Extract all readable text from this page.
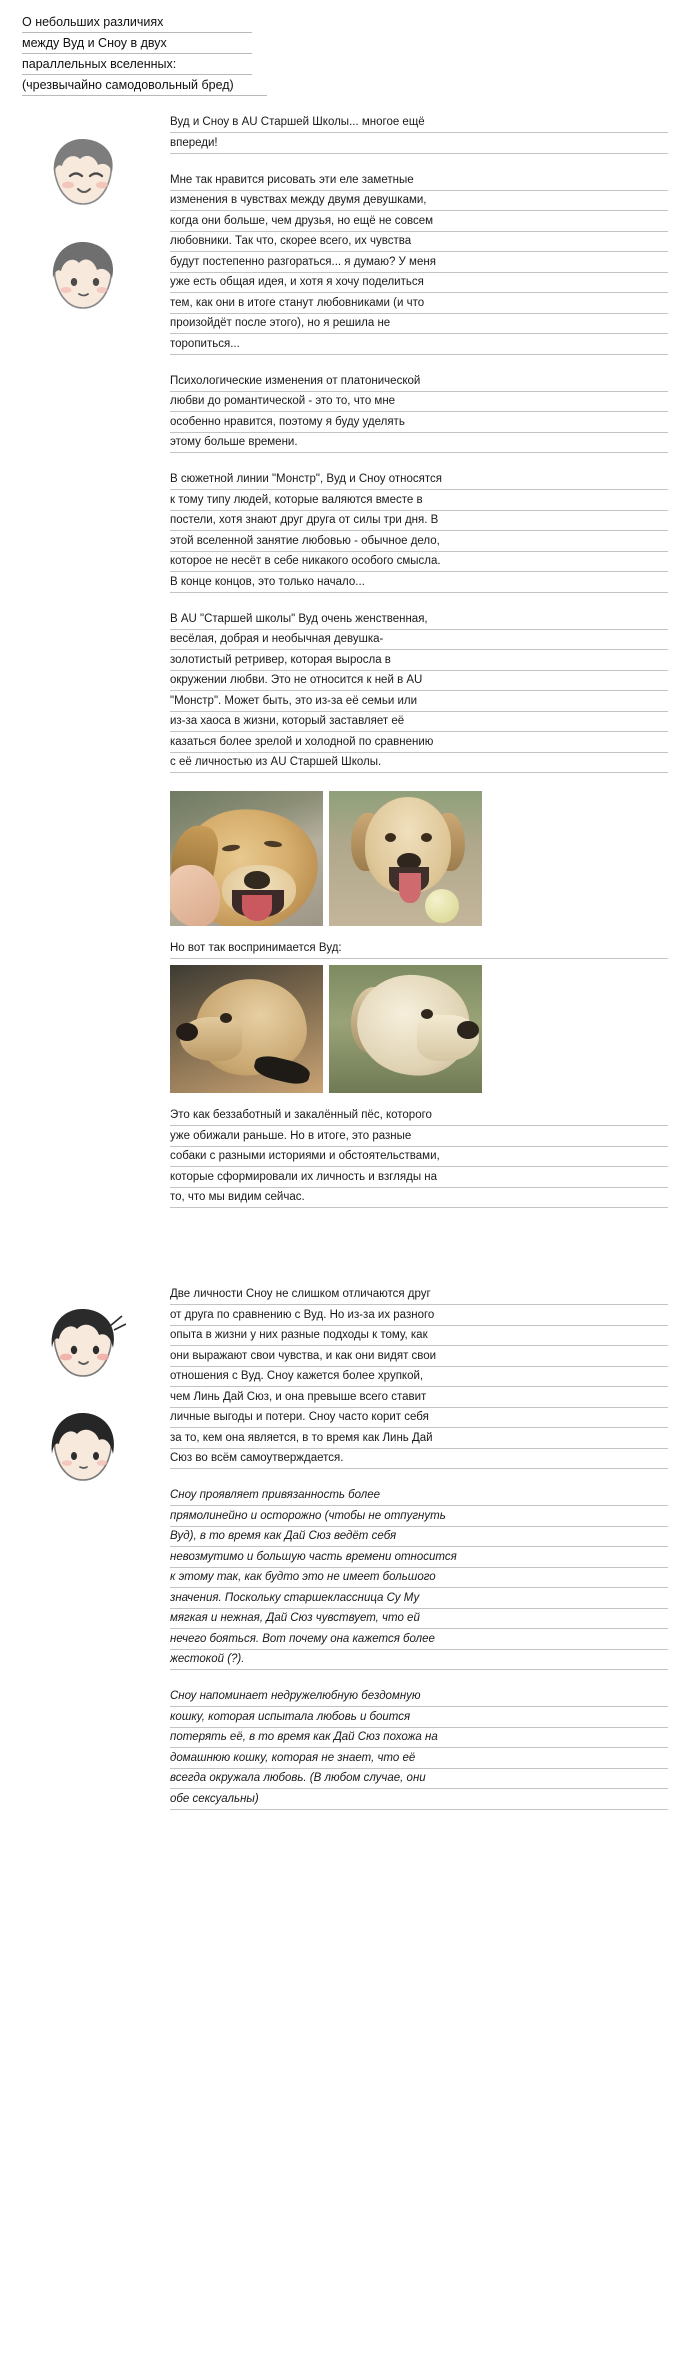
О небольших различиях
между Вуд и Сноу в двух
параллельных вселенных:
(чрезвычайно самодовольный бред)
Вуд и Сноу в AU Старшей Школы... многое ещё
впереди!
Мне так нравится рисовать эти еле заметные
изменения в чувствах между двумя девушками,
когда они больше, чем друзья, но ещё не совсем
любовники. Так что, скорее всего, их чувства
будут постепенно разгораться... я думаю? У меня
уже есть общая идея, и хотя я хочу поделиться
тем, как они в итоге станут любовниками (и что
произойдёт после этого), но я решила не
торопиться...
Психологические изменения от платонической
любви до романтической - это то, что мне
особенно нравится, поэтому я буду уделять
этому больше времени.
В сюжетной линии "Монстр", Вуд и Сноу относятся
к тому типу людей, которые валяются вместе в
постели, хотя знают друг друга от силы три дня. В
этой вселенной занятие любовью - обычное дело,
которое не несёт в себе никакого особого смысла.
В конце концов, это только начало...
В AU "Старшей школы" Вуд очень женственная,
весёлая, добрая и необычная девушка-
золотистый ретривер, которая выросла в
окружении любви. Это не относится к ней в AU
"Монстр". Может быть, это из-за её семьи или
из-за хаоса в жизни, который заставляет её
казаться более зрелой и холодной по сравнению
с её личностью из AU Старшей Школы.
Но вот так воспринимается Вуд:
Это как беззаботный и закалённый пёс, которого
уже обижали раньше. Но в итоге, это разные
собаки с разными историями и обстоятельствами,
которые сформировали их личность и взгляды на
то, что мы видим сейчас.
Две личности Сноу не слишком отличаются друг
от друга по сравнению с Вуд. Но из-за их разного
опыта в жизни у них разные подходы к тому, как
они выражают свои чувства, и как они видят свои
отношения с Вуд. Сноу кажется более хрупкой,
чем Линь Дай Сюз, и она превыше всего ставит
личные выгоды и потери. Сноу часто корит себя
за то, кем она является, в то время как Линь Дай
Сюз во всём самоутверждается.
Сноу проявляет привязанность более
прямолинейно и осторожно (чтобы не отпугнуть
Вуд), в то время как Дай Сюз ведёт себя
невозмутимо и большую часть времени относится
к этому так, как будто это не имеет большого
значения. Поскольку старшеклассница Су Му
мягкая и нежная, Дай Сюз чувствует, что ей
нечего бояться. Вот почему она кажется более
жестокой (?).
Сноу напоминает недружелюбную бездомную
кошку, которая испытала любовь и боится
потерять её, в то время как Дай Сюз похожа на
домашнюю кошку, которая не знает, что её
всегда окружала любовь. (В любом случае, они
обе сексуальны)
